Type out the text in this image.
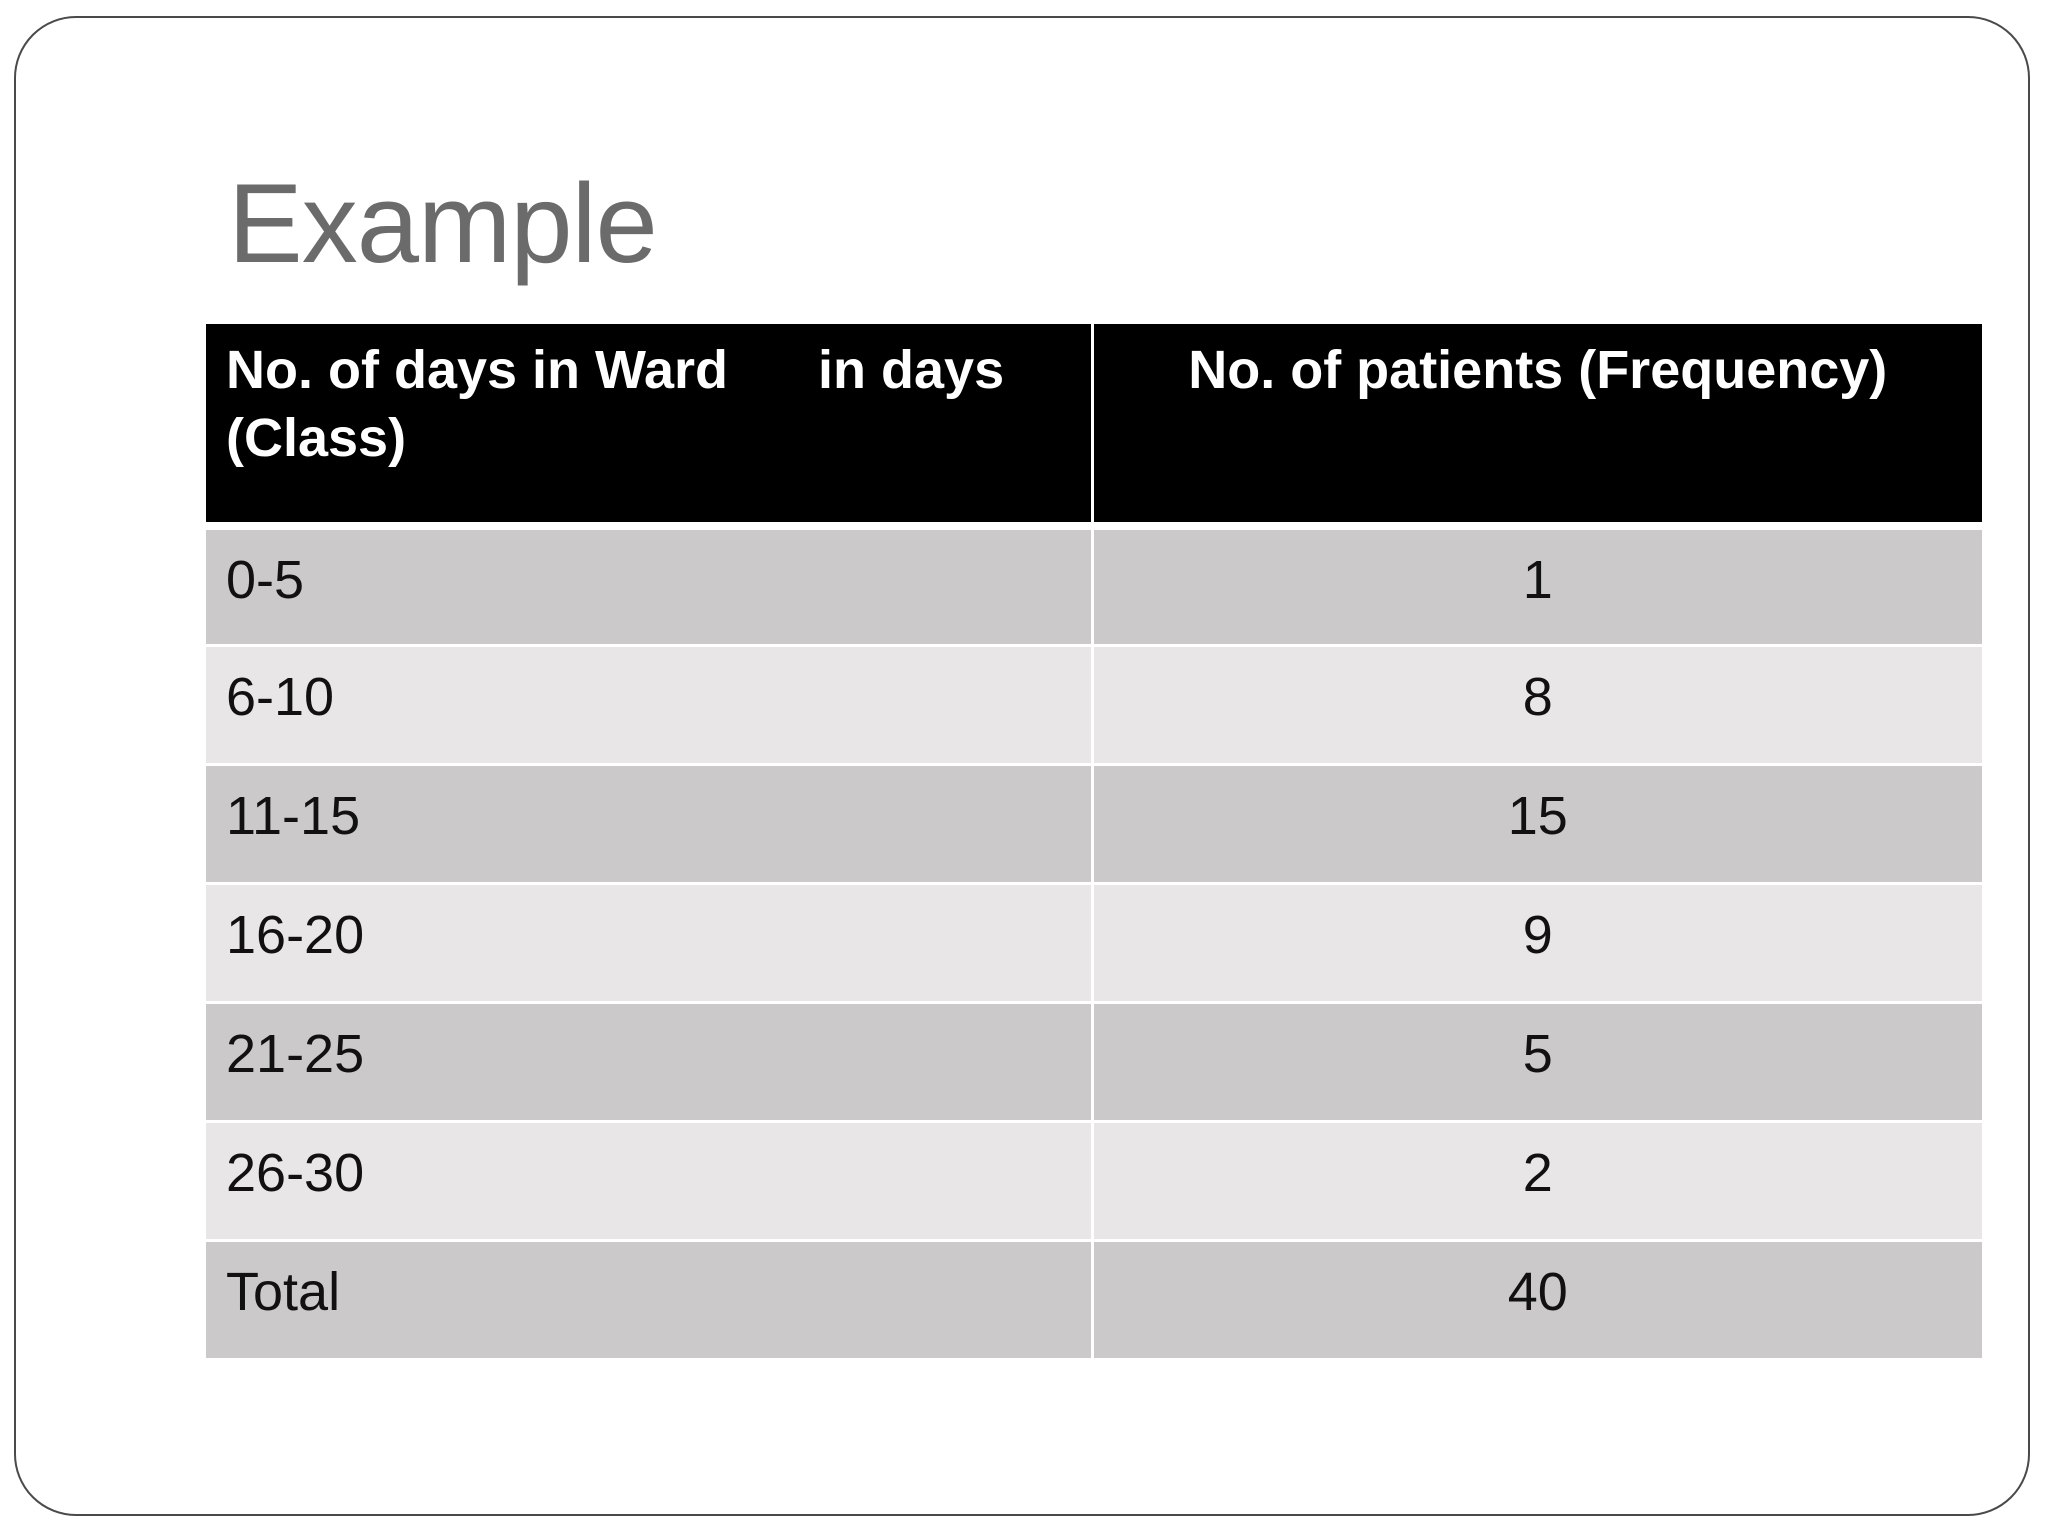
Example
No. of days in Ward      in days (Class)	No. of patients (Frequency)
0-5	1
6-10	8
11-15	15
16-20	9
21-25	5
26-30	2
Total	40
